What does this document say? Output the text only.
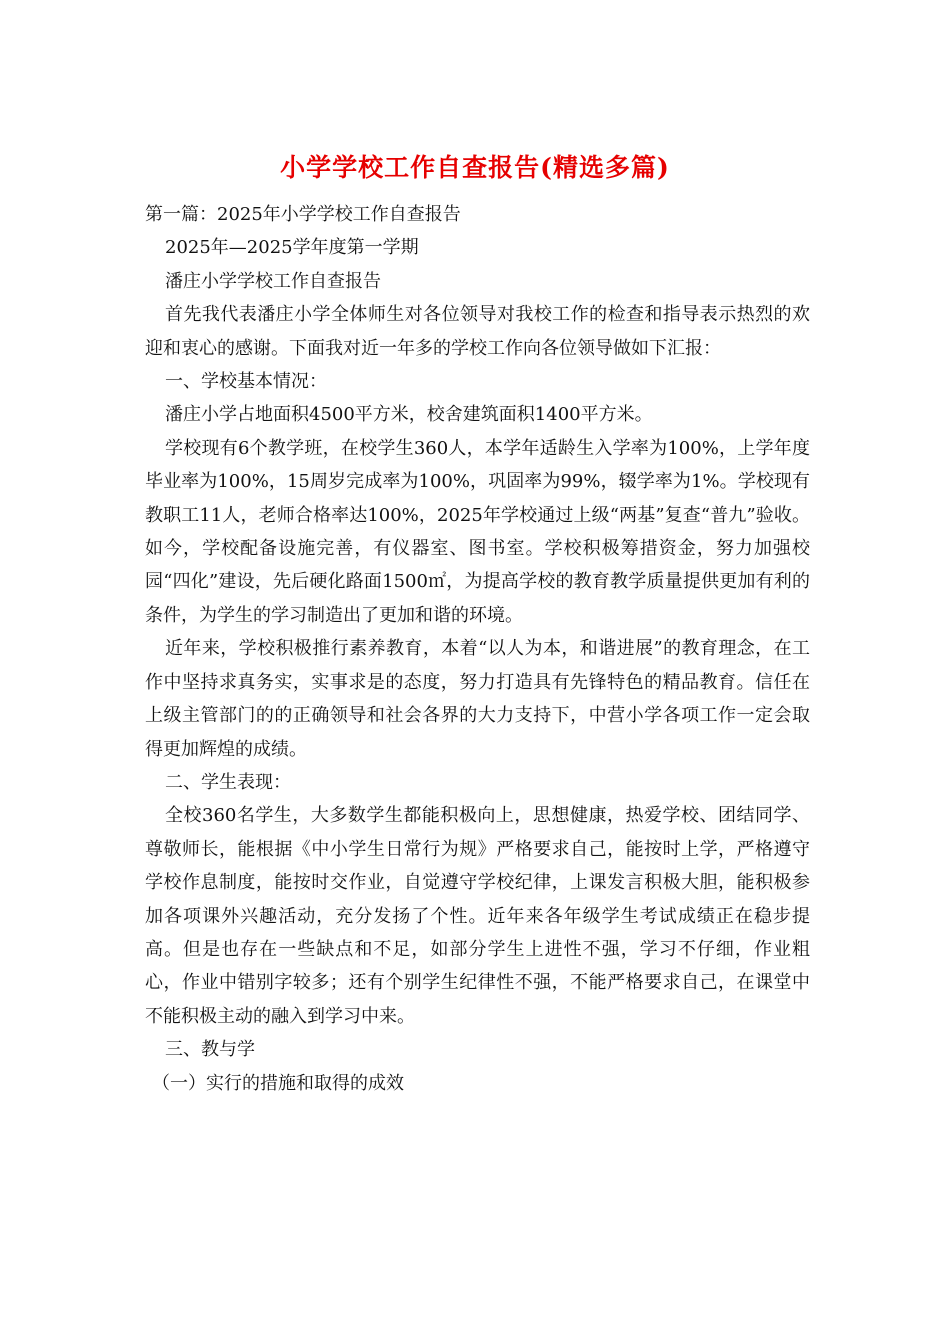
小学学校工作自查报告(精选多篇)

第一篇：2025年小学学校工作自查报告

2025年—2025学年度第一学期

潘庄小学学校工作自查报告

首先我代表潘庄小学全体师生对各位领导对我校工作的检查和指导表示热烈的欢迎和衷心的感谢。下面我对近一年多的学校工作向各位领导做如下汇报：

一、学校基本情况：

潘庄小学占地面积4500平方米，校舍建筑面积1400平方米。

学校现有6个教学班，在校学生360人，本学年适龄生入学率为100%，上学年度毕业率为100%，15周岁完成率为100%，巩固率为99%，辍学率为1%。学校现有教职工11人，老师合格率达100%，2025年学校通过上级“两基”复查“普九”验收。如今，学校配备设施完善，有仪器室、图书室。学校积极筹措资金，努力加强校园“四化”建设，先后硬化路面1500㎡，为提高学校的教育教学质量提供更加有利的条件，为学生的学习制造出了更加和谐的环境。

近年来，学校积极推行素养教育，本着“以人为本，和谐进展”的教育理念，在工作中坚持求真务实，实事求是的态度，努力打造具有先锋特色的精品教育。信任在上级主管部门的的正确领导和社会各界的大力支持下，中营小学各项工作一定会取得更加辉煌的成绩。

二、学生表现：

全校360名学生，大多数学生都能积极向上，思想健康，热爱学校、团结同学、尊敬师长，能根据《中小学生日常行为规》严格要求自己，能按时上学，严格遵守学校作息制度，能按时交作业，自觉遵守学校纪律，上课发言积极大胆，能积极参加各项课外兴趣活动，充分发扬了个性。近年来各年级学生考试成绩正在稳步提高。但是也存在一些缺点和不足，如部分学生上进性不强，学习不仔细，作业粗心，作业中错别字较多；还有个别学生纪律性不强，不能严格要求自己，在课堂中不能积极主动的融入到学习中来。

三、教与学

（一）实行的措施和取得的成效
